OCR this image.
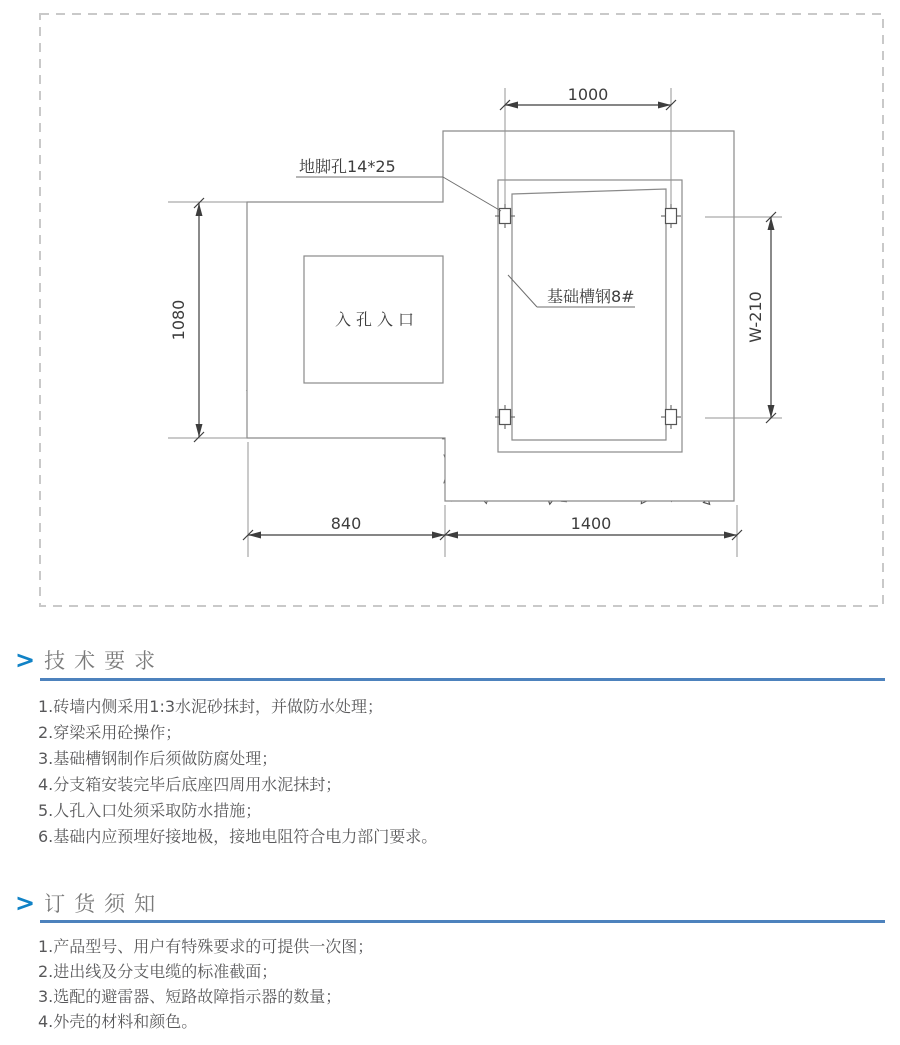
1000
1080	W-210
840	1400
地脚孔14*25
基础槽钢8#
入孔入口
> 技术要求
1.砖墙内侧采用1:3水泥砂抹封，并做防水处理；
2.穿梁采用砼操作；
3.基础槽钢制作后须做防腐处理；
4.分支箱安装完毕后底座四周用水泥抹封；
5.人孔入口处须采取防水措施；
6.基础内应预埋好接地极，接地电阻符合电力部门要求。
> 订货须知
1.产品型号、用户有特殊要求的可提供一次图；
2.进出线及分支电缆的标准截面；
3.选配的避雷器、短路故障指示器的数量；
4.外壳的材料和颜色。
